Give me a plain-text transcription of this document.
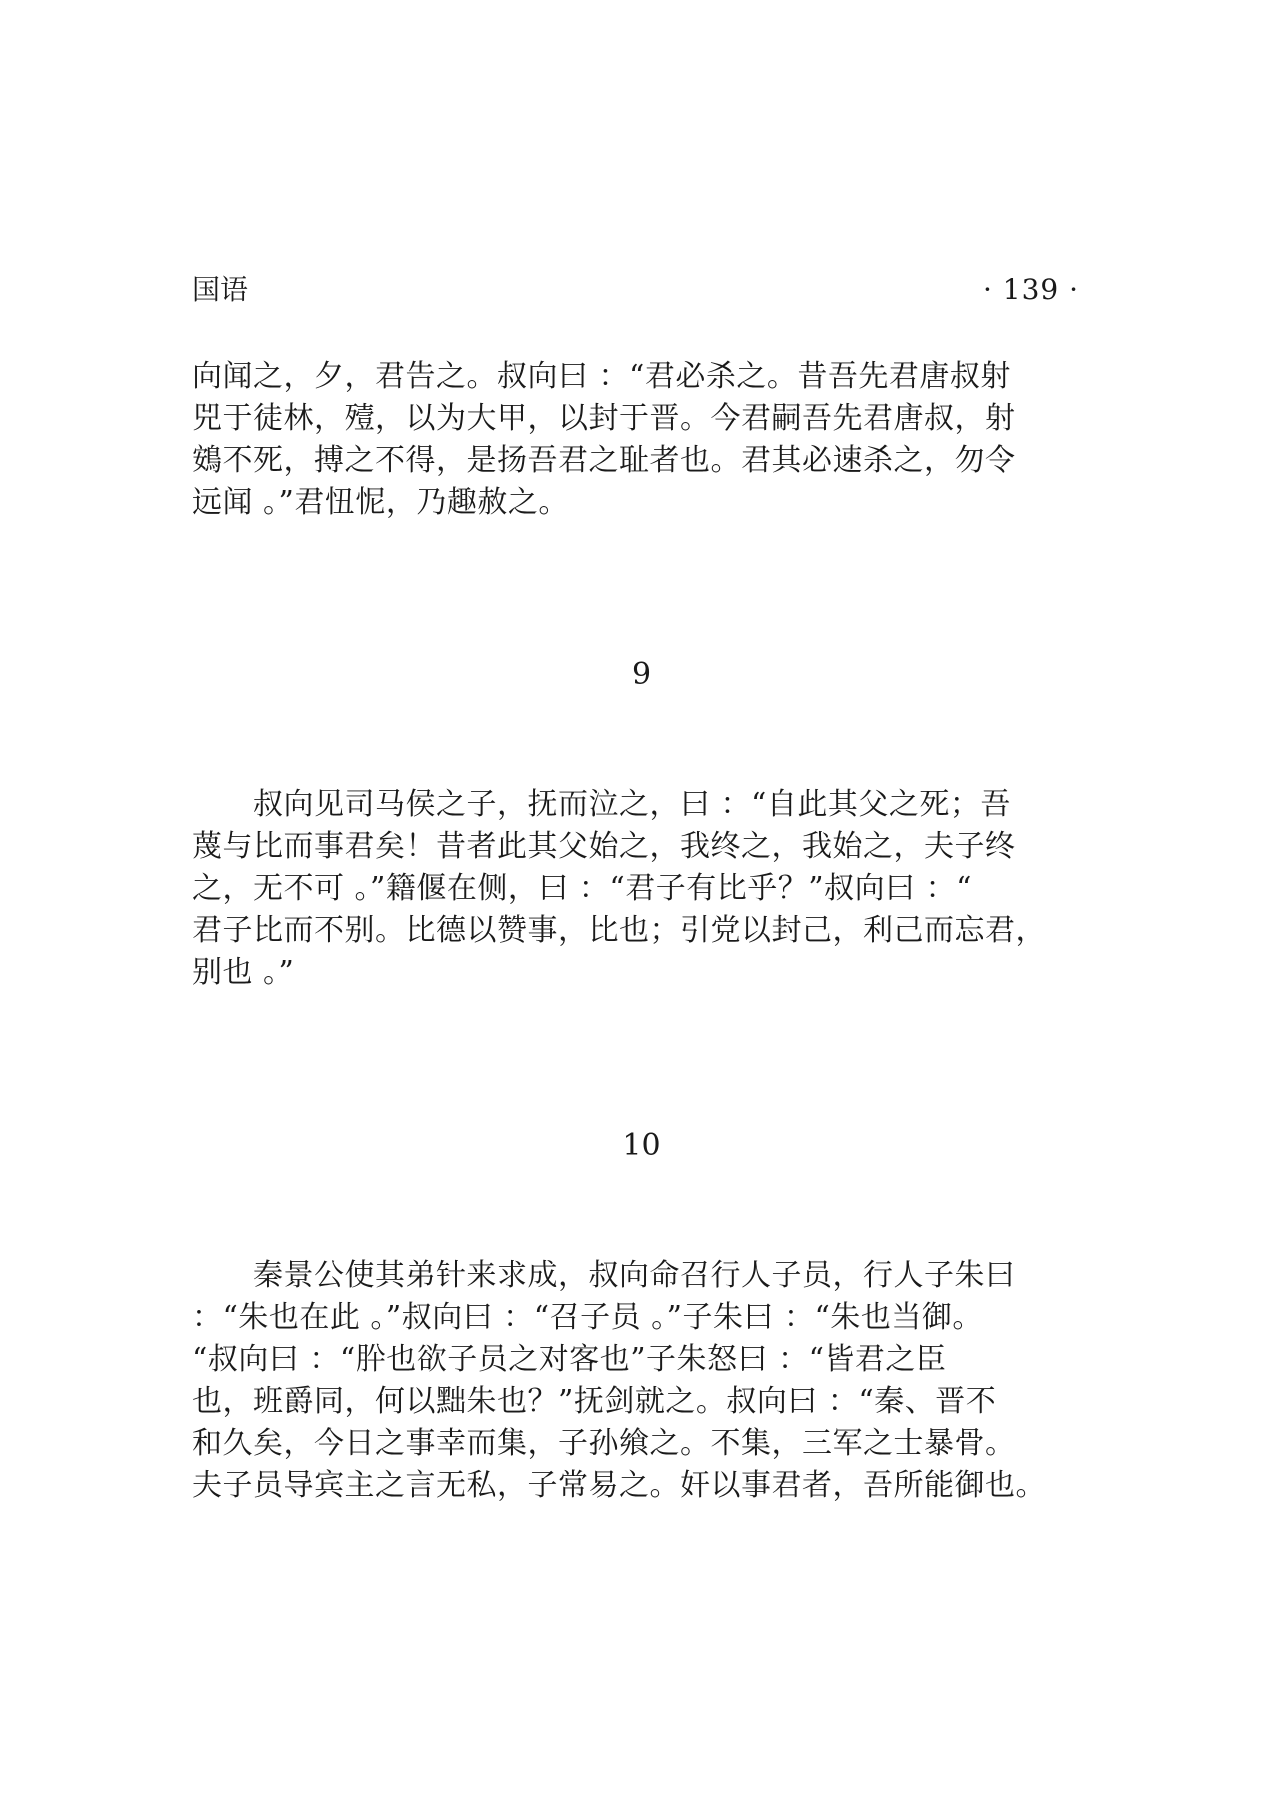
国语	· 139 ·

向闻之，夕，君告之。叔向曰 ：“君必杀之。昔吾先君唐叔射
兕于徒林，殪，以为大甲，以封于晋。今君嗣吾先君唐叔，射
鴳不死，搏之不得，是扬吾君之耻者也。君其必速杀之，勿令
远闻 。”君忸怩，乃趣赦之。

9

　　叔向见司马侯之子，抚而泣之，曰 ：“自此其父之死；吾
蔑与比而事君矣！昔者此其父始之，我终之，我始之，夫子终
之，无不可 。”籍偃在侧，曰 ：“君子有比乎？”叔向曰 ：“
君子比而不别。比德以赞事，比也；引党以封己，利己而忘君，
别也 。”

10

　　秦景公使其弟针来求成，叔向命召行人子员，行人子朱曰
：“朱也在此 。”叔向曰 ：“召子员 。”子朱曰 ：“朱也当御。
“叔向曰 ：“肸也欲子员之对客也”子朱怒曰 ：“皆君之臣
也，班爵同，何以黜朱也？”抚剑就之。叔向曰 ：“秦、晋不
和久矣，今日之事幸而集，子孙飨之。不集，三军之士暴骨。
夫子员导宾主之言无私，子常易之。奸以事君者，吾所能御也。
